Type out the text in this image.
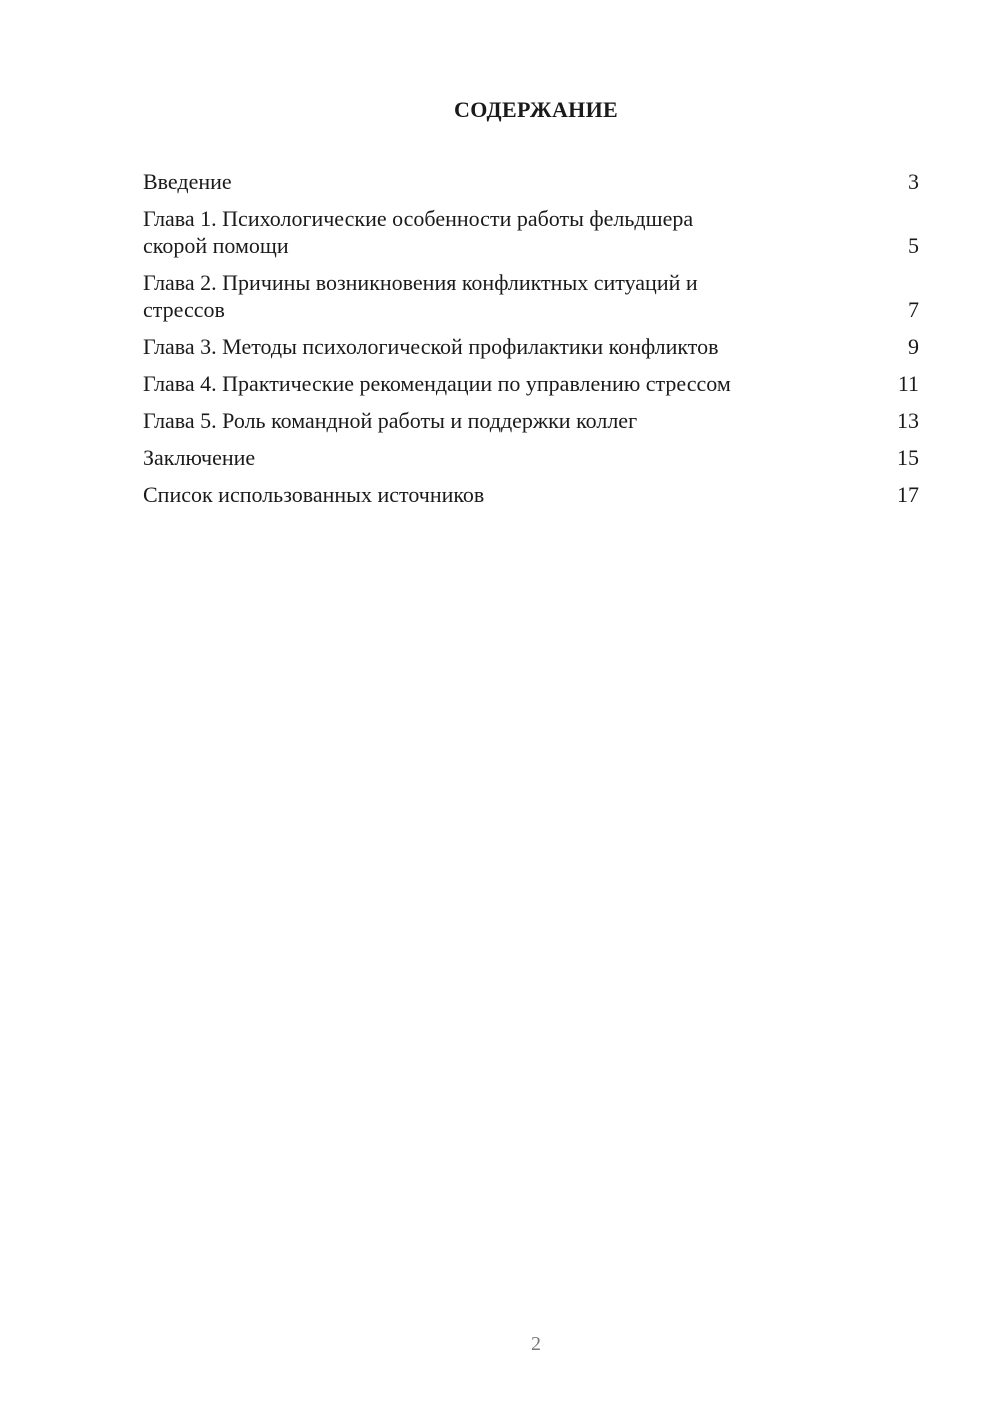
СОДЕРЖАНИЕ
Введение	3
Глава 1. Психологические особенности работы фельдшера
скорой помощи	5
Глава 2. Причины возникновения конфликтных ситуаций и
стрессов	7
Глава 3. Методы психологической профилактики конфликтов	9
Глава 4. Практические рекомендации по управлению стрессом	11
Глава 5. Роль командной работы и поддержки коллег	13
Заключение	15
Список использованных источников	17
2
